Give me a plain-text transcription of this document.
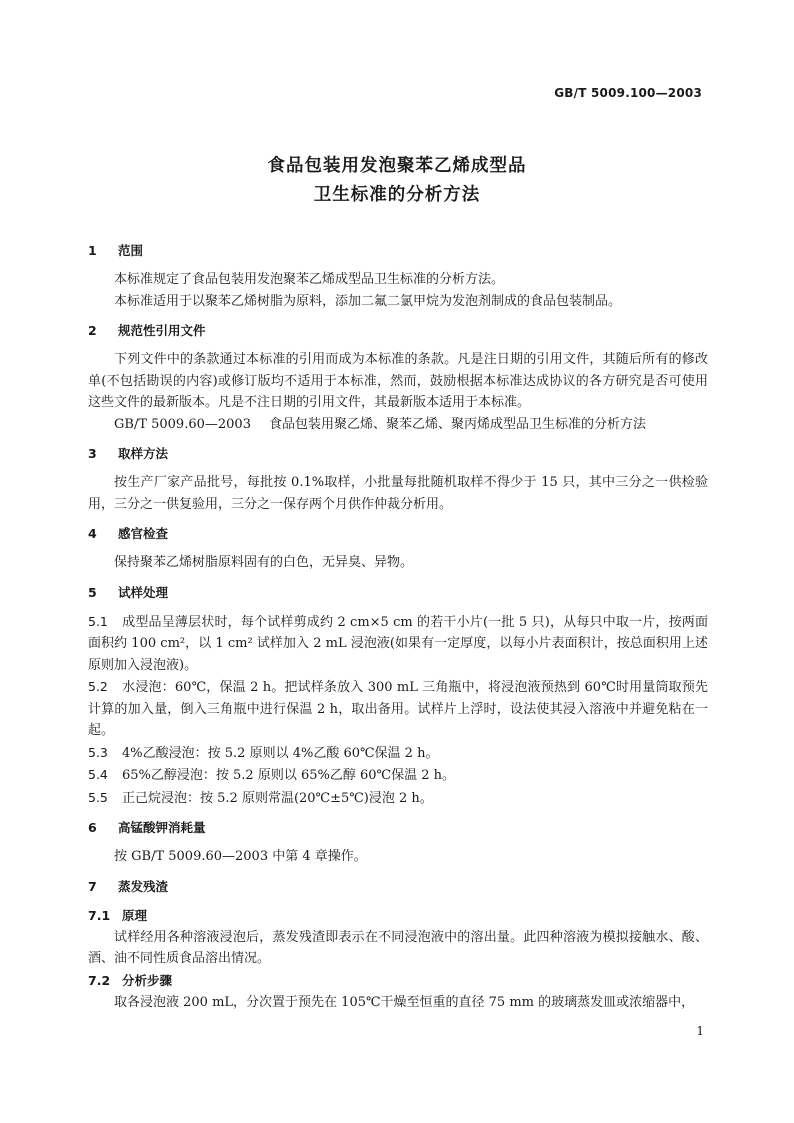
GB/T 5009.100—2003
食品包装用发泡聚苯乙烯成型品
卫生标准的分析方法
1 范围

本标准规定了食品包装用发泡聚苯乙烯成型品卫生标准的分析方法。

本标准适用于以聚苯乙烯树脂为原料，添加二氟二氯甲烷为发泡剂制成的食品包装制品。

2 规范性引用文件

下列文件中的条款通过本标准的引用而成为本标准的条款。凡是注日期的引用文件，其随后所有的修改单(不包括勘误的内容)或修订版均不适用于本标准，然而，鼓励根据本标准达成协议的各方研究是否可使用这些文件的最新版本。凡是不注日期的引用文件，其最新版本适用于本标准。

GB/T 5009.60—2003 食品包装用聚乙烯、聚苯乙烯、聚丙烯成型品卫生标准的分析方法

3 取样方法

按生产厂家产品批号，每批按 0.1%取样，小批量每批随机取样不得少于 15 只，其中三分之一供检验用，三分之一供复验用，三分之一保存两个月供作仲裁分析用。

4 感官检查

保持聚苯乙烯树脂原料固有的白色，无异臭、异物。

5 试样处理

5.1 成型品呈薄层状时，每个试样剪成约 2 cm×5 cm 的若干小片(一批 5 只)，从每只中取一片，按两面面积约 100 cm²，以 1 cm² 试样加入 2 mL 浸泡液(如果有一定厚度，以每小片表面积计，按总面积用上述原则加入浸泡液)。

5.2 水浸泡：60℃，保温 2 h。把试样条放入 300 mL 三角瓶中，将浸泡液预热到 60℃时用量筒取预先计算的加入量，倒入三角瓶中进行保温 2 h，取出备用。试样片上浮时，设法使其浸入溶液中并避免粘在一起。

5.3 4%乙酸浸泡：按 5.2 原则以 4%乙酸 60℃保温 2 h。

5.4 65%乙醇浸泡：按 5.2 原则以 65%乙醇 60℃保温 2 h。

5.5 正己烷浸泡：按 5.2 原则常温(20℃±5℃)浸泡 2 h。

6 高锰酸钾消耗量

按 GB/T 5009.60—2003 中第 4 章操作。

7 蒸发残渣
7.1 原理

试样经用各种溶液浸泡后，蒸发残渣即表示在不同浸泡液中的溶出量。此四种溶液为模拟接触水、酸、酒、油不同性质食品溶出情况。

7.2 分析步骤

取各浸泡液 200 mL，分次置于预先在 105℃干燥至恒重的直径 75 mm 的玻璃蒸发皿或浓缩器中，

1
